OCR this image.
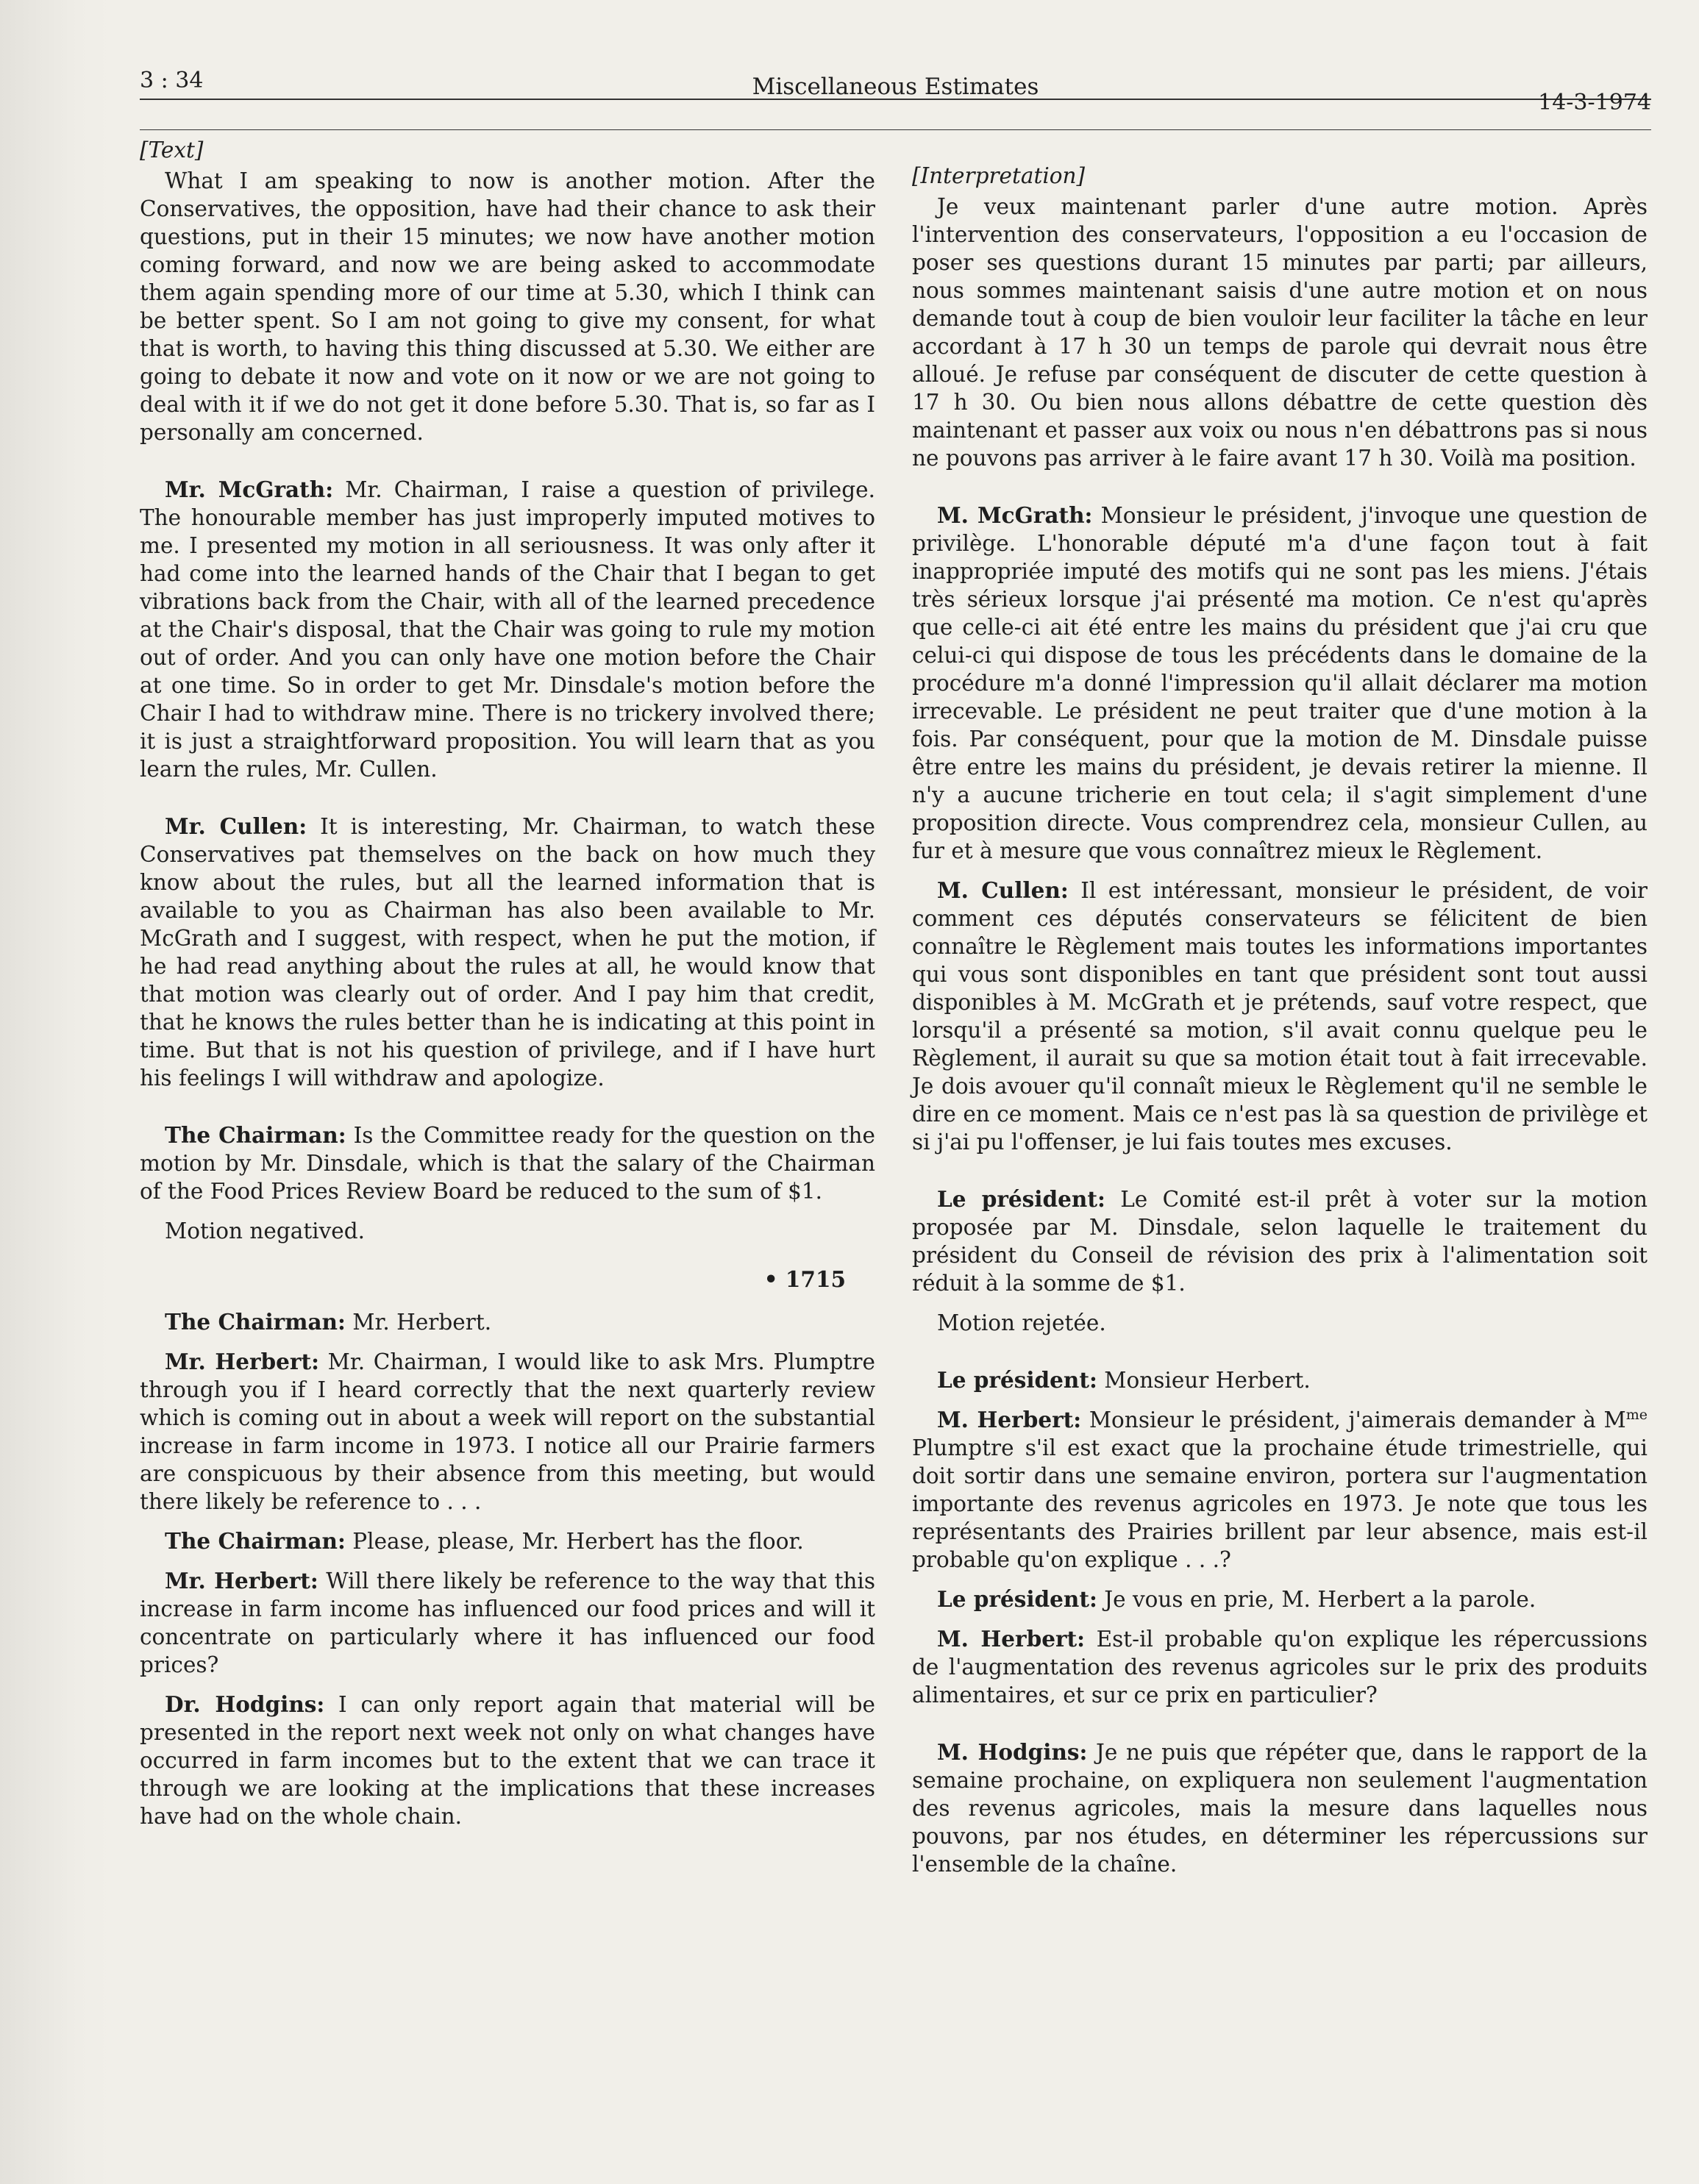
3 : 34	Miscellaneous Estimates
14-3-1974

[Text]

What I am speaking to now is another motion. After the Conservatives, the opposition, have had their chance to ask their questions, put in their 15 minutes; we now have another motion coming forward, and now we are being asked to accommodate them again spending more of our time at 5.30, which I think can be better spent. So I am not going to give my consent, for what that is worth, to having this thing discussed at 5.30. We either are going to debate it now and vote on it now or we are not going to deal with it if we do not get it done before 5.30. That is, so far as I personally am concerned.

Mr. McGrath: Mr. Chairman, I raise a question of privilege. The honourable member has just improperly imputed motives to me. I presented my motion in all seriousness. It was only after it had come into the learned hands of the Chair that I began to get vibrations back from the Chair, with all of the learned precedence at the Chair's disposal, that the Chair was going to rule my motion out of order. And you can only have one motion before the Chair at one time. So in order to get Mr. Dinsdale's motion before the Chair I had to withdraw mine. There is no trickery involved there; it is just a straightforward proposition. You will learn that as you learn the rules, Mr. Cullen.

Mr. Cullen: It is interesting, Mr. Chairman, to watch these Conservatives pat themselves on the back on how much they know about the rules, but all the learned information that is available to you as Chairman has also been available to Mr. McGrath and I suggest, with respect, when he put the motion, if he had read anything about the rules at all, he would know that that motion was clearly out of order. And I pay him that credit, that he knows the rules better than he is indicating at this point in time. But that is not his question of privilege, and if I have hurt his feelings I will withdraw and apologize.

The Chairman: Is the Committee ready for the question on the motion by Mr. Dinsdale, which is that the salary of the Chairman of the Food Prices Review Board be reduced to the sum of $1.

Motion negatived.

• 1715

The Chairman: Mr. Herbert.

Mr. Herbert: Mr. Chairman, I would like to ask Mrs. Plumptre through you if I heard correctly that the next quarterly review which is coming out in about a week will report on the substantial increase in farm income in 1973. I notice all our Prairie farmers are conspicuous by their absence from this meeting, but would there likely be reference to . . .

The Chairman: Please, please, Mr. Herbert has the floor.

Mr. Herbert: Will there likely be reference to the way that this increase in farm income has influenced our food prices and will it concentrate on particularly where it has influenced our food prices?

Dr. Hodgins: I can only report again that material will be presented in the report next week not only on what changes have occurred in farm incomes but to the extent that we can trace it through we are looking at the implications that these increases have had on the whole chain.

[Interpretation]

Je veux maintenant parler d'une autre motion. Après l'intervention des conservateurs, l'opposition a eu l'occasion de poser ses questions durant 15 minutes par parti; par ailleurs, nous sommes maintenant saisis d'une autre motion et on nous demande tout à coup de bien vouloir leur faciliter la tâche en leur accordant à 17 h 30 un temps de parole qui devrait nous être alloué. Je refuse par conséquent de discuter de cette question à 17 h 30. Ou bien nous allons débattre de cette question dès maintenant et passer aux voix ou nous n'en débattrons pas si nous ne pouvons pas arriver à le faire avant 17 h 30. Voilà ma position.

M. McGrath: Monsieur le président, j'invoque une question de privilège. L'honorable député m'a d'une façon tout à fait inappropriée imputé des motifs qui ne sont pas les miens. J'étais très sérieux lorsque j'ai présenté ma motion. Ce n'est qu'après que celle-ci ait été entre les mains du président que j'ai cru que celui-ci qui dispose de tous les précédents dans le domaine de la procédure m'a donné l'impression qu'il allait déclarer ma motion irrecevable. Le président ne peut traiter que d'une motion à la fois. Par conséquent, pour que la motion de M. Dinsdale puisse être entre les mains du président, je devais retirer la mienne. Il n'y a aucune tricherie en tout cela; il s'agit simplement d'une proposition directe. Vous comprendrez cela, monsieur Cullen, au fur et à mesure que vous connaîtrez mieux le Règlement.

M. Cullen: Il est intéressant, monsieur le président, de voir comment ces députés conservateurs se félicitent de bien connaître le Règlement mais toutes les informations importantes qui vous sont disponibles en tant que président sont tout aussi disponibles à M. McGrath et je prétends, sauf votre respect, que lorsqu'il a présenté sa motion, s'il avait connu quelque peu le Règlement, il aurait su que sa motion était tout à fait irrecevable. Je dois avouer qu'il connaît mieux le Règlement qu'il ne semble le dire en ce moment. Mais ce n'est pas là sa question de privilège et si j'ai pu l'offenser, je lui fais toutes mes excuses.

Le président: Le Comité est-il prêt à voter sur la motion proposée par M. Dinsdale, selon laquelle le traitement du président du Conseil de révision des prix à l'alimentation soit réduit à la somme de $1.

Motion rejetée.

Le président: Monsieur Herbert.

M. Herbert: Monsieur le président, j'aimerais demander à $M^{me}$ Plumptre s'il est exact que la prochaine étude trimestrielle, qui doit sortir dans une semaine environ, portera sur l'augmentation importante des revenus agricoles en 1973. Je note que tous les représentants des Prairies brillent par leur absence, mais est-il probable qu'on explique . . .?

Le président: Je vous en prie, M. Herbert a la parole.

M. Herbert: Est-il probable qu'on explique les répercussions de l'augmentation des revenus agricoles sur le prix des produits alimentaires, et sur ce prix en particulier?

M. Hodgins: Je ne puis que répéter que, dans le rapport de la semaine prochaine, on expliquera non seulement l'augmentation des revenus agricoles, mais la mesure dans laquelles nous pouvons, par nos études, en déterminer les répercussions sur l'ensemble de la chaîne.
